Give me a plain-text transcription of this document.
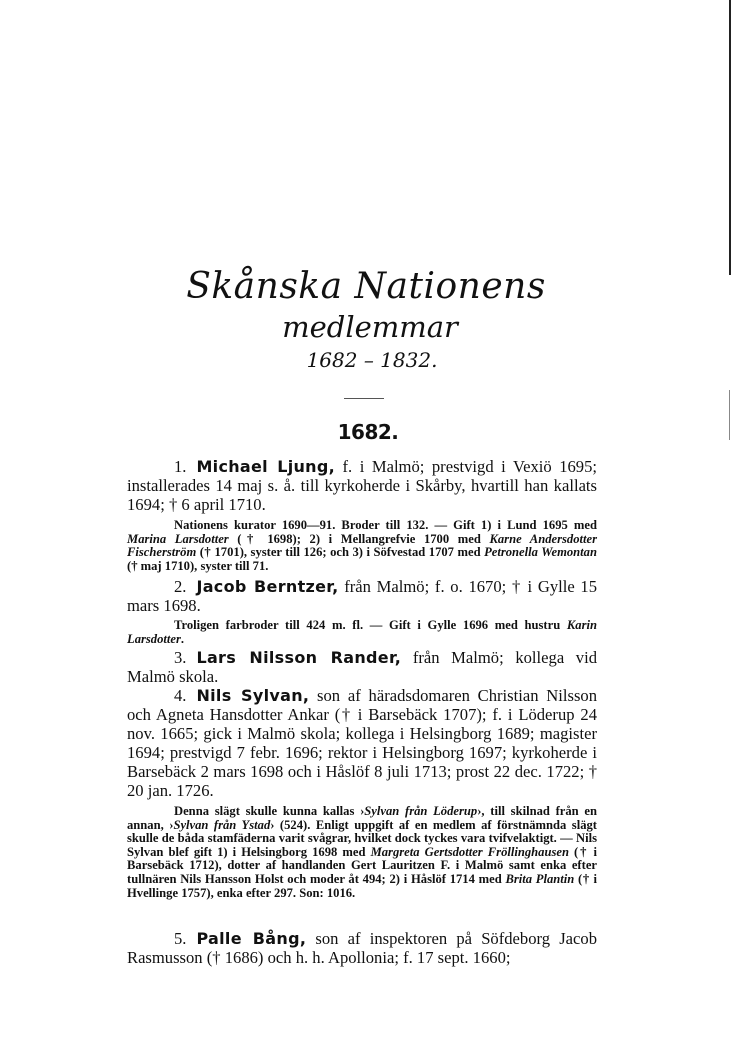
Skånska Nationens
medlemmar
1682 – 1832.
1682.

1. Michael Ljung, f. i Malmö; prestvigd i Vexiö 1695; installerades 14 maj s. å. till kyrkoherde i Skårby, hvartill han kallats 1694; † 6 april 1710.

Nationens kurator 1690—91. Broder till 132. — Gift 1) i Lund 1695 med Marina Larsdotter († 1698); 2) i Mellangrefvie 1700 med Karne Andersdotter Fischerström († 1701), syster till 126; och 3) i Söfvestad 1707 med Petronella Wemontan († maj 1710), syster till 71.

2. Jacob Berntzer, från Malmö; f. o. 1670; † i Gylle 15 mars 1698.

Troligen farbroder till 424 m. fl. — Gift i Gylle 1696 med hustru Karin Larsdotter.

3. Lars Nilsson Rander, från Malmö; kollega vid Malmö skola.

4. Nils Sylvan, son af häradsdomaren Christian Nilsson och Agneta Hansdotter Ankar († i Barsebäck 1707); f. i Löderup 24 nov. 1665; gick i Malmö skola; kollega i Helsingborg 1689; magister 1694; prestvigd 7 febr. 1696; rektor i Helsingborg 1697; kyrkoherde i Barsebäck 2 mars 1698 och i Håslöf 8 juli 1713; prost 22 dec. 1722; † 20 jan. 1726.

Denna slägt skulle kunna kallas ›Sylvan från Löderup›, till skilnad från en annan, ›Sylvan från Ystad› (524). Enligt uppgift af en medlem af förstnämnda slägt skulle de båda stamfäderna varit svågrar, hvilket dock tyckes vara tvifvelaktigt. — Nils Sylvan blef gift 1) i Helsingborg 1698 med Margreta Gertsdotter Fröllinghausen († i Barsebäck 1712), dotter af handlanden Gert Lauritzen F. i Malmö samt enka efter tullnären Nils Hansson Holst och moder åt 494; 2) i Håslöf 1714 med Brita Plantin († i Hvellinge 1757), enka efter 297. Son: 1016.

5. Palle Bång, son af inspektoren på Söfdeborg Jacob Rasmusson († 1686) och h. h. Apollonia; f. 17 sept. 1660;
